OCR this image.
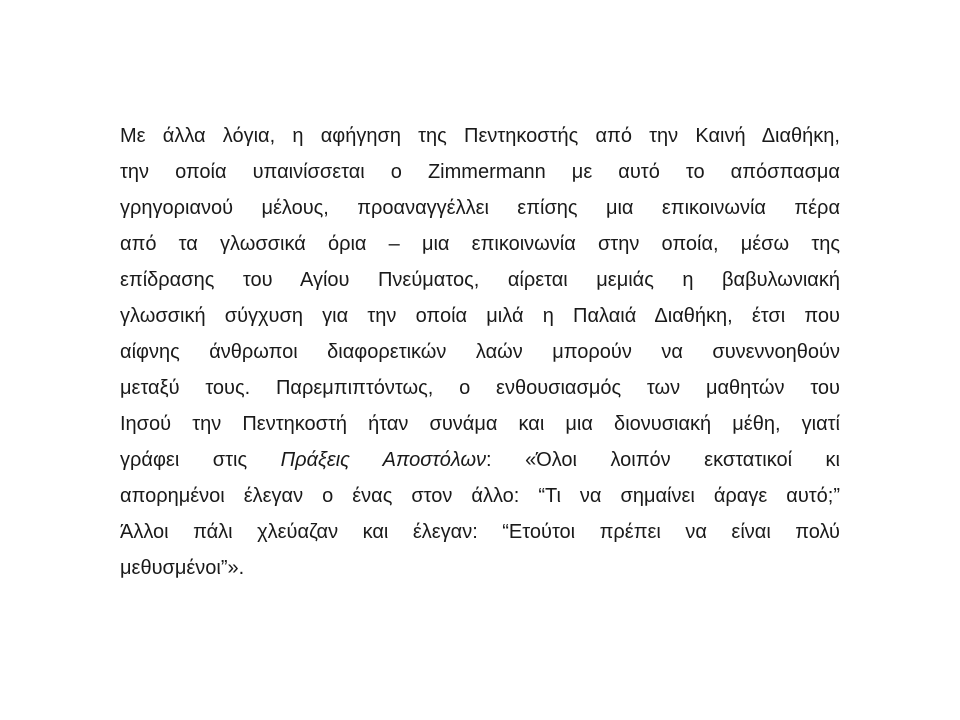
Με άλλα λόγια, η αφήγηση της Πεντηκοστής από την Καινή Διαθήκη,
την οποία υπαινίσσεται ο Zimmermann με αυτό το απόσπασμα
γρηγοριανού μέλους, προαναγγέλλει επίσης μια επικοινωνία πέρα
από τα γλωσσικά όρια – μια επικοινωνία στην οποία, μέσω της
επίδρασης του Αγίου Πνεύματος, αίρεται μεμιάς η βαβυλωνιακή
γλωσσική σύγχυση για την οποία μιλά η Παλαιά Διαθήκη, έτσι που
αίφνης άνθρωποι διαφορετικών λαών μπορούν να συνεννοηθούν
μεταξύ τους. Παρεμπιπτόντως, ο ενθουσιασμός των μαθητών του
Ιησού την Πεντηκοστή ήταν συνάμα και μια διονυσιακή μέθη, γιατί
γράφει στις Πράξεις Αποστόλων: «Όλοι λοιπόν εκστατικοί κι
απορημένοι έλεγαν ο ένας στον άλλο: “Τι να σημαίνει άραγε αυτό;”
Άλλοι πάλι χλεύαζαν και έλεγαν: “Ετούτοι πρέπει να είναι πολύ
μεθυσμένοι”».
